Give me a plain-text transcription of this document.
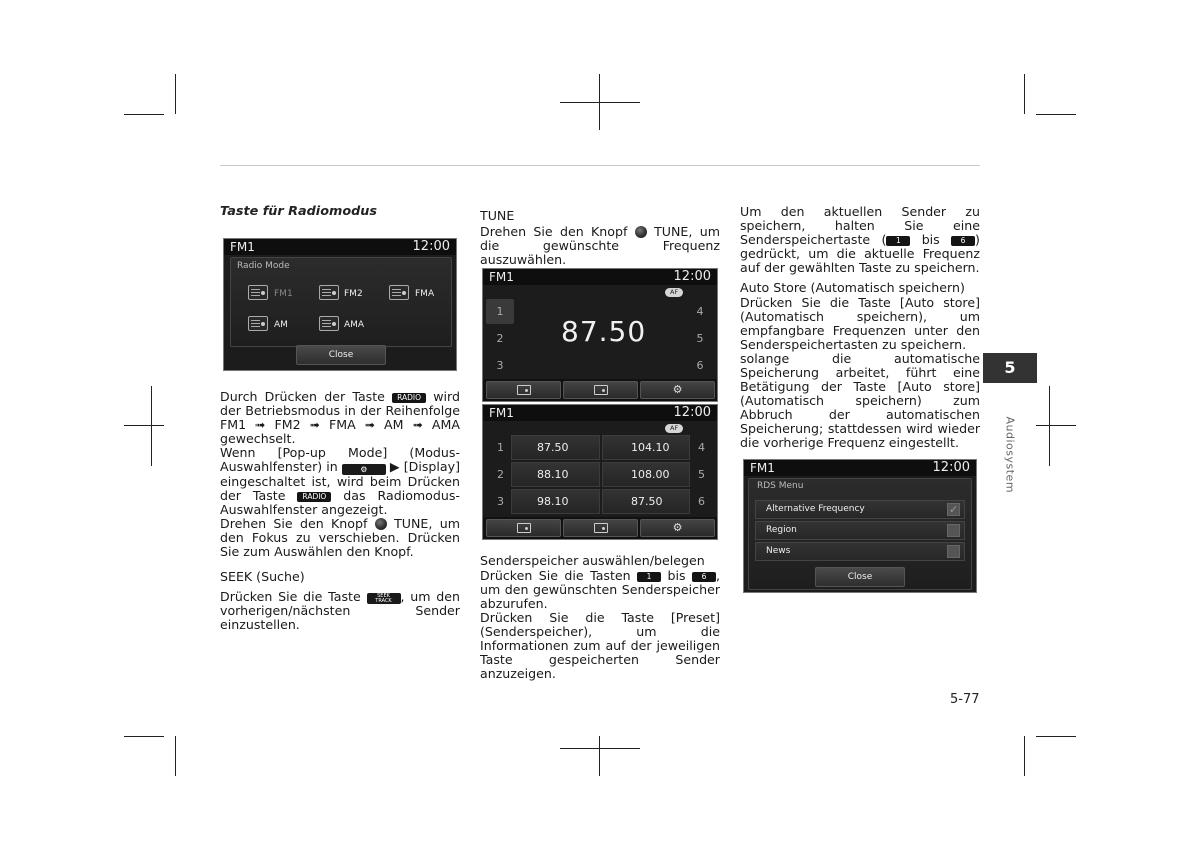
Taste für Radiomodus
FM1	12:00
Radio Mode
FM1	FM2	FMA
AM	AMA
Close

Durch Drücken der Taste RADIO wird der Betriebsmodus in der Reihenfolge FM1 ➟ FM2 ➟ FMA ➟ AM ➟ AMA gewechselt.

Wenn [Pop-up Mode] (Modus-Auswahlfenster) in	⚙ ▶ [Display] eingeschaltet ist, wird beim Drücken der Taste RADIO das Radiomodus-Auswahlfenster angezeigt.

Drehen Sie den Knopf TUNE, um den Fokus zu verschieben. Drücken Sie zum Auswählen den Knopf.

SEEK (Suche)

Drücken Sie die Taste	SEEK
TRACK , um den vorherigen/nächsten Sender einzustellen.

TUNE

Drehen Sie den Knopf TUNE, um die gewünschte Frequenz auszuwählen.

FM1	12:00
AF
1
2
3
4
5
6
87.50
⚙
FM1	12:00
AF
1	87.50	104.10	4
2	88.10	108.00	5
3	98.10	87.50	6
⚙
Senderspeicher auswählen/belegen

Drücken Sie die Tasten 1 bis 6 , um den gewünschten Senderspeicher abzurufen.

Drücken Sie die Taste [Preset] (Senderspeicher), um die Informationen zum auf der jeweiligen Taste gespeicherten Sender anzuzeigen.

Um den aktuellen Sender zu speichern, halten Sie eine Senderspeichertaste ( 1 bis	6 ) gedrückt, um die aktuelle Frequenz auf der gewählten Taste zu speichern.

Auto Store (Automatisch speichern)

Drücken Sie die Taste [Auto store] (Automatisch speichern), um empfangbare Frequenzen unter den Senderspeichertasten zu speichern.

solange die automatische Speicherung arbeitet, führt eine Betätigung der Taste [Auto store] (Automatisch speichern) zum Abbruch der automatischen Speicherung; stattdessen wird wieder die vorherige Frequenz eingestellt.

FM1	12:00
RDS Menu
Alternative Frequency
✓
Region
News
Close
5
Audiosystem
5-77
